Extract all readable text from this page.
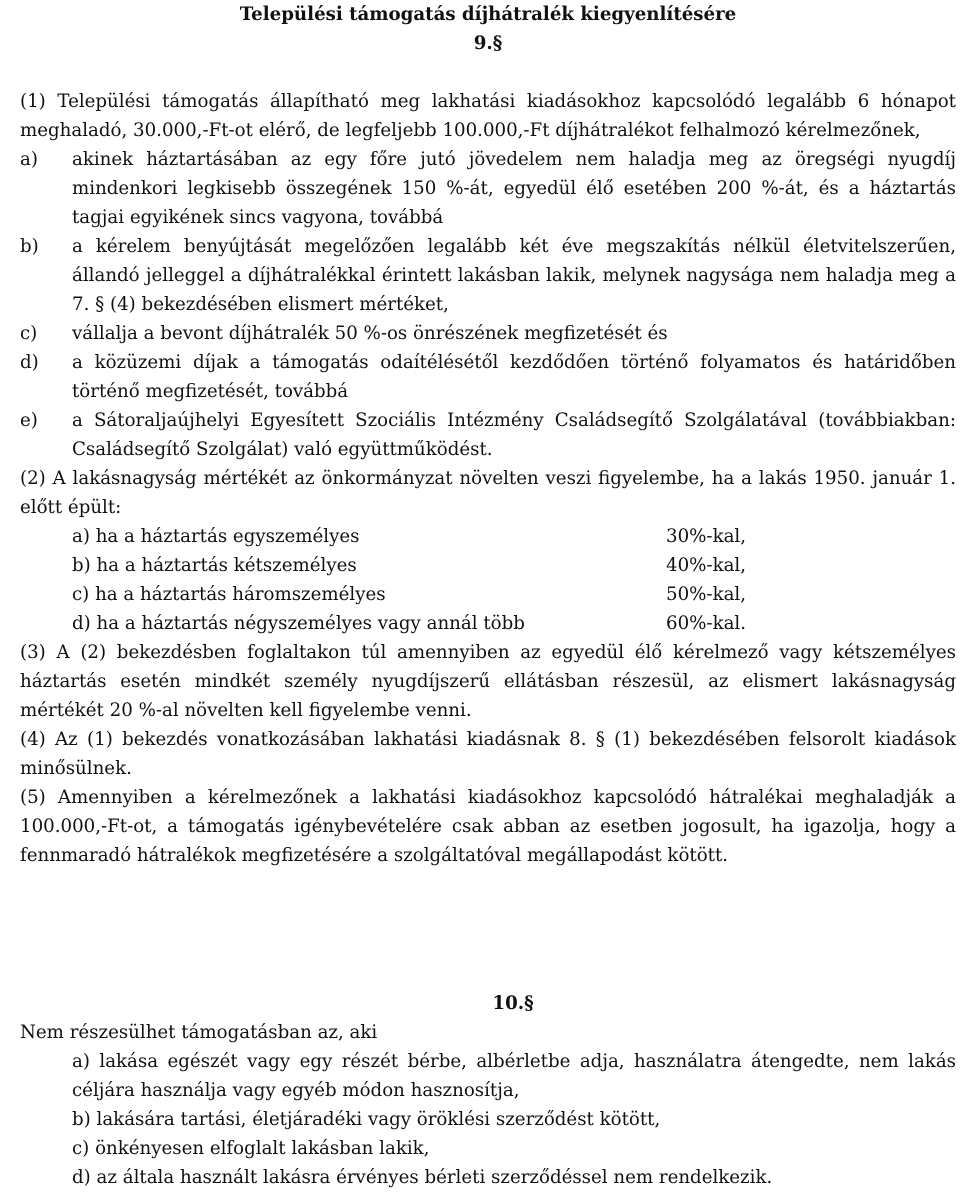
Települési támogatás díjhátralék kiegyenlítésére

9.§

(1) Települési támogatás állapítható meg lakhatási kiadásokhoz kapcsolódó legalább 6 hónapot meghaladó, 30.000,-Ft-ot elérő, de legfeljebb 100.000,-Ft díjhátralékot felhalmozó kérelmezőnek,

a)	akinek háztartásában az egy főre jutó jövedelem nem haladja meg az öregségi nyugdíj mindenkori legkisebb összegének 150 %-át, egyedül élő esetében 200 %-át, és a háztartás tagjai egyikének sincs vagyona, továbbá
b)	a kérelem benyújtását megelőzően legalább két éve megszakítás nélkül életvitelszerűen, állandó jelleggel a díjhátralékkal érintett lakásban lakik, melynek nagysága nem haladja meg a 7. § (4) bekezdésében elismert mértéket,
c)	vállalja a bevont díjhátralék 50 %-os önrészének megfizetését és
d)	a közüzemi díjak a támogatás odaítélésétől kezdődően történő folyamatos és határidőben történő megfizetését, továbbá
e)	a Sátoraljaújhelyi Egyesített Szociális Intézmény Családsegítő Szolgálatával (továbbiakban: Családsegítő Szolgálat) való együttműködést.

(2) A lakásnagyság mértékét az önkormányzat növelten veszi figyelembe, ha a lakás 1950. január 1. előtt épült:

a) ha a háztartás egyszemélyes	30%-kal,
b) ha a háztartás kétszemélyes	40%-kal,
c) ha a háztartás háromszemélyes	50%-kal,
d) ha a háztartás négyszemélyes vagy annál több	60%-kal.

(3) A (2) bekezdésben foglaltakon túl amennyiben az egyedül élő kérelmező vagy kétszemélyes háztartás esetén mindkét személy nyugdíjszerű ellátásban részesül, az elismert lakásnagyság mértékét 20 %-al növelten kell figyelembe venni.

(4) Az (1) bekezdés vonatkozásában lakhatási kiadásnak 8. § (1) bekezdésében felsorolt kiadások minősülnek.

(5) Amennyiben a kérelmezőnek a lakhatási kiadásokhoz kapcsolódó hátralékai meghaladják a 100.000,-Ft-ot, a támogatás igénybevételére csak abban az esetben jogosult, ha igazolja, hogy a fennmaradó hátralékok megfizetésére a szolgáltatóval megállapodást kötött.

10.§

Nem részesülhet támogatásban az, aki

a) lakása egészét vagy egy részét bérbe, albérletbe adja, használatra átengedte, nem lakás céljára használja vagy egyéb módon hasznosítja,
b) lakására tartási, életjáradéki vagy öröklési szerződést kötött,
c) önkényesen elfoglalt lakásban lakik,
d) az általa használt lakásra érvényes bérleti szerződéssel nem rendelkezik.
